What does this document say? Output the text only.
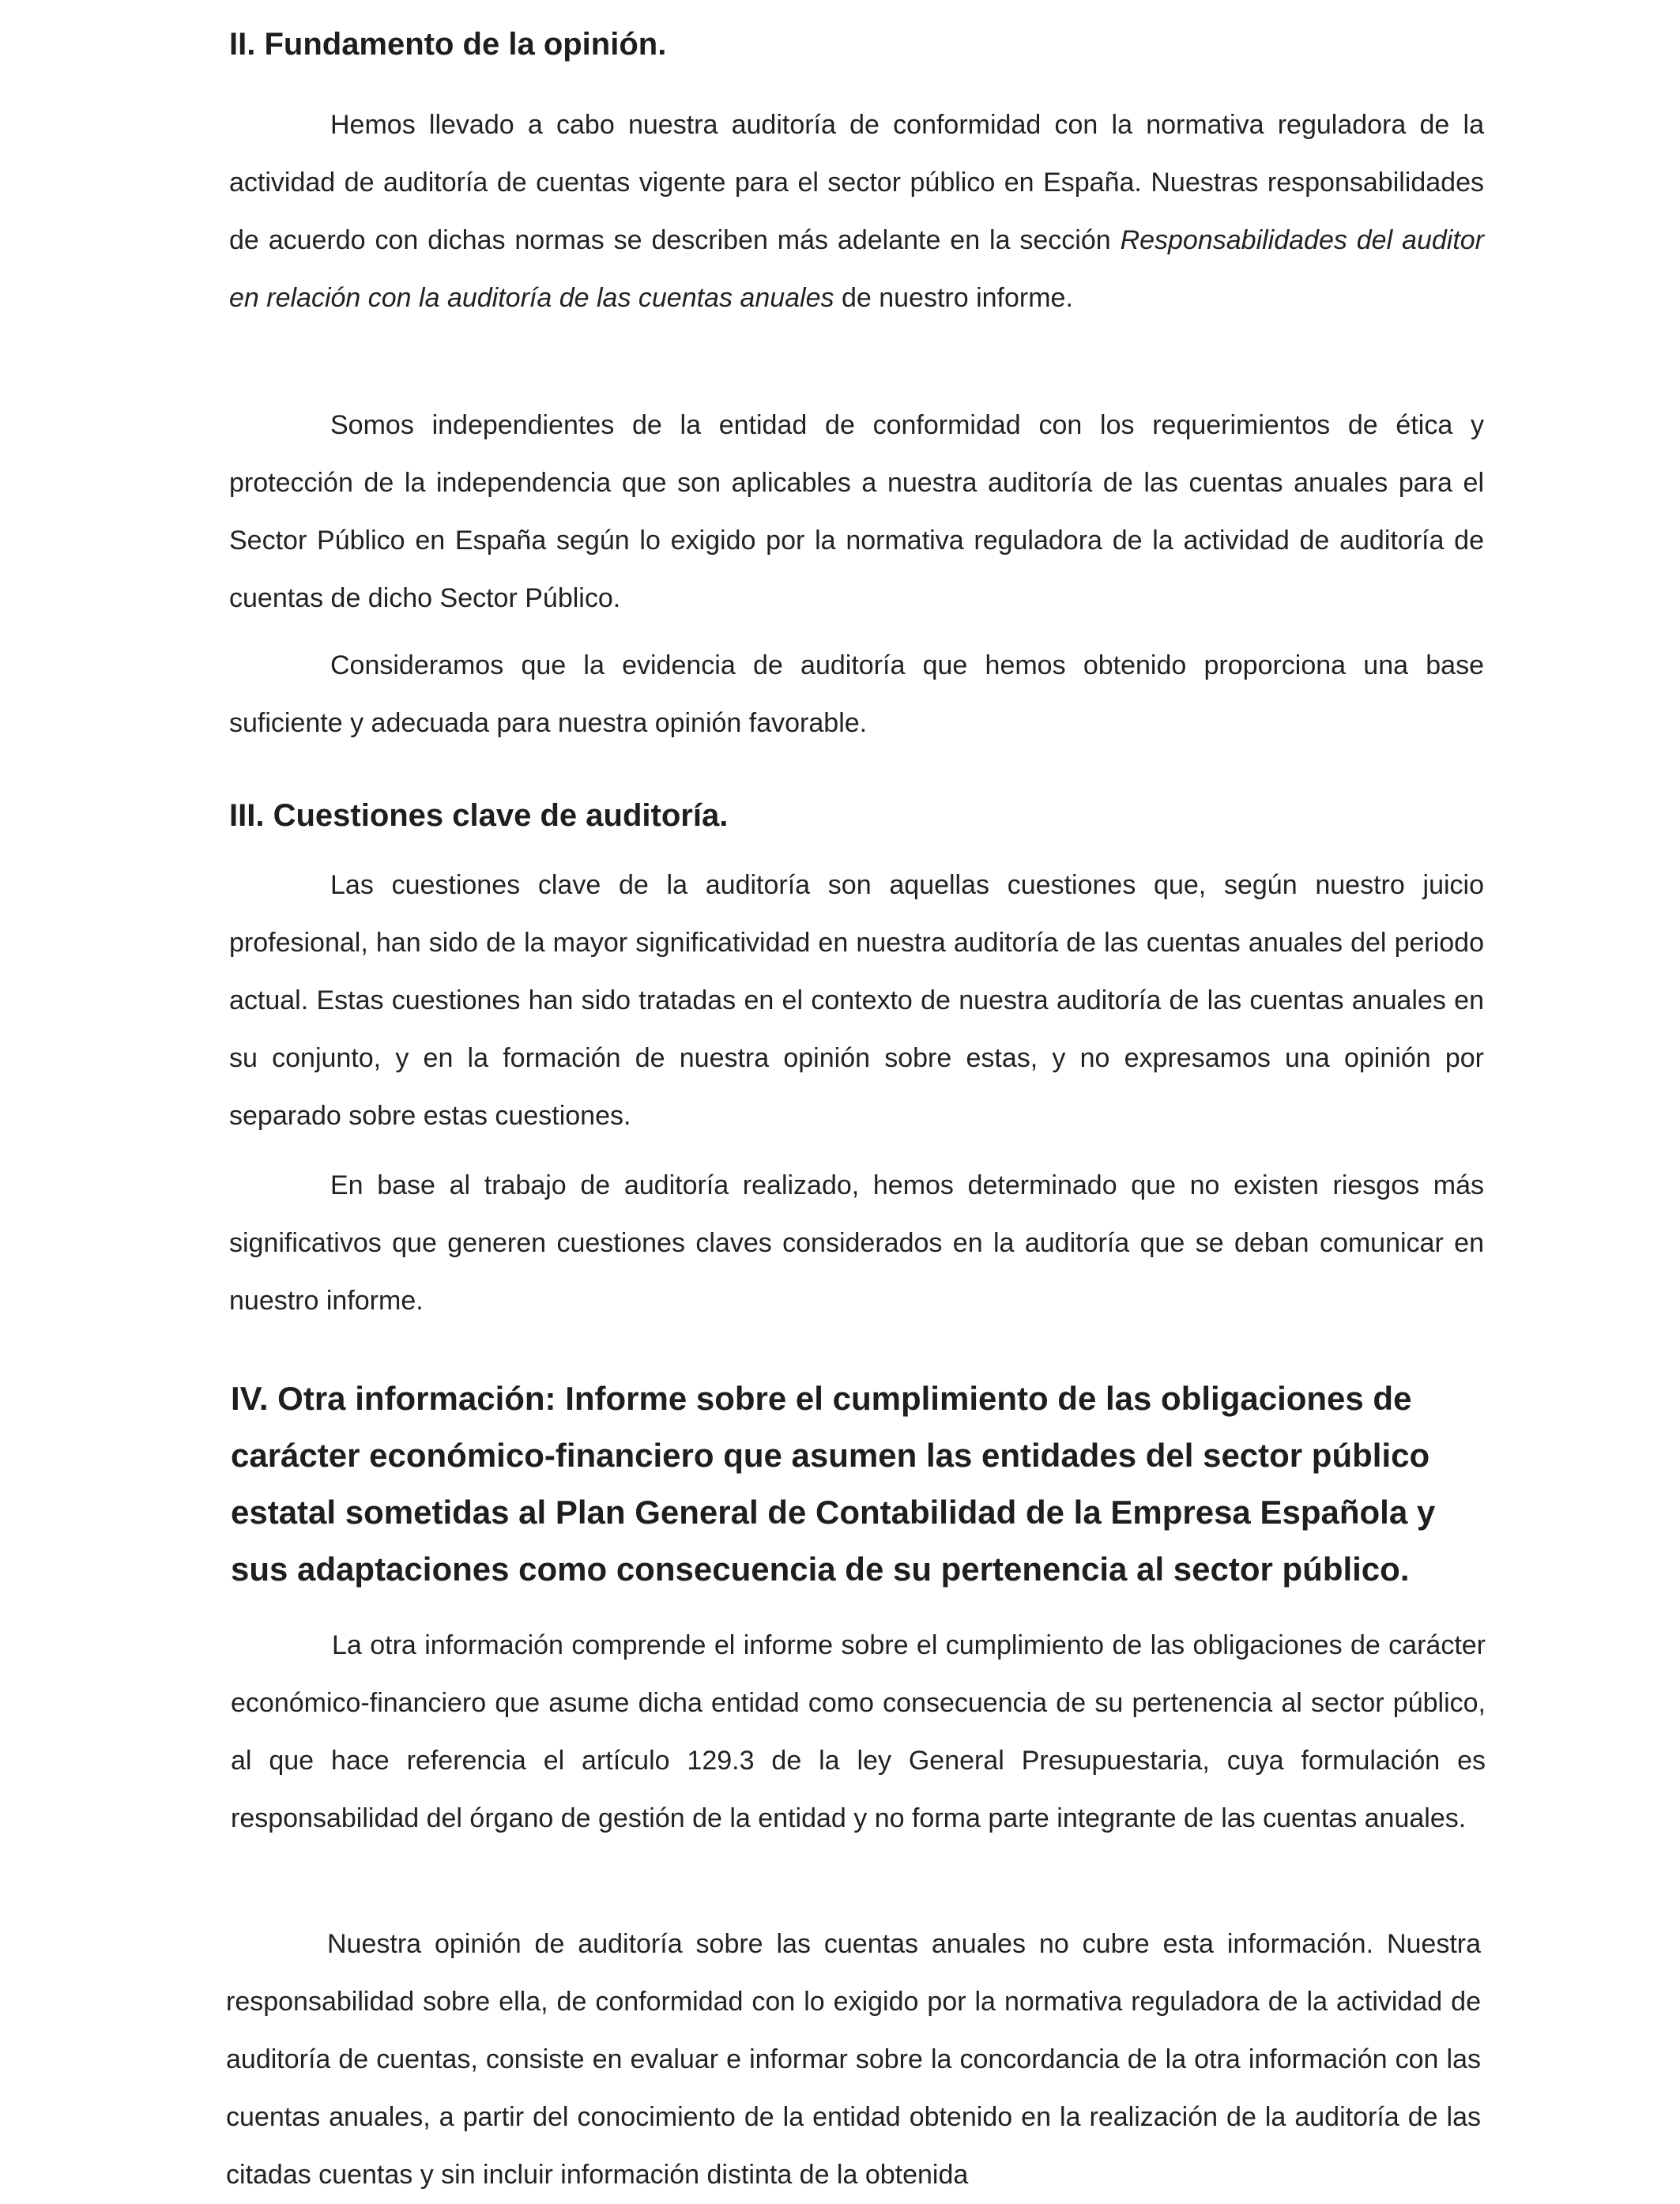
II. Fundamento de la opinión.

Hemos llevado a cabo nuestra auditoría de conformidad con la normativa reguladora de la actividad de auditoría de cuentas vigente para el sector público en España. Nuestras responsabilidades de acuerdo con dichas normas se describen más adelante en la sección Responsabilidades del auditor en relación con la auditoría de las cuentas anuales de nuestro informe.

Somos independientes de la entidad de conformidad con los requerimientos de ética y protección de la independencia que son aplicables a nuestra auditoría de las cuentas anuales para el Sector Público en España según lo exigido por la normativa reguladora de la actividad de auditoría de cuentas de dicho Sector Público.

Consideramos que la evidencia de auditoría que hemos obtenido proporciona una base suficiente y adecuada para nuestra opinión favorable.

III. Cuestiones clave de auditoría.

Las cuestiones clave de la auditoría son aquellas cuestiones que, según nuestro juicio profesional, han sido de la mayor significatividad en nuestra auditoría de las cuentas anuales del periodo actual. Estas cuestiones han sido tratadas en el contexto de nuestra auditoría de las cuentas anuales en su conjunto, y en la formación de nuestra opinión sobre estas, y no expresamos una opinión por separado sobre estas cuestiones.

En base al trabajo de auditoría realizado, hemos determinado que no existen riesgos más significativos que generen cuestiones claves considerados en la auditoría que se deban comunicar en nuestro informe.

IV. Otra información: Informe sobre el cumplimiento de las obligaciones de carácter económico-financiero que asumen las entidades del sector público estatal sometidas al Plan General de Contabilidad de la Empresa Española y sus adaptaciones como consecuencia de su pertenencia al sector público.

La otra información comprende el informe sobre el cumplimiento de las obligaciones de carácter económico-financiero que asume dicha entidad como consecuencia de su pertenencia al sector público, al que hace referencia el artículo 129.3 de la ley General Presupuestaria, cuya formulación es responsabilidad del órgano de gestión de la entidad y no forma parte integrante de las cuentas anuales.

Nuestra opinión de auditoría sobre las cuentas anuales no cubre esta información. Nuestra responsabilidad sobre ella, de conformidad con lo exigido por la normativa reguladora de la actividad de auditoría de cuentas, consiste en evaluar e informar sobre la concordancia de la otra información con las cuentas anuales, a partir del conocimiento de la entidad obtenido en la realización de la auditoría de las citadas cuentas y sin incluir información distinta de la obtenida
